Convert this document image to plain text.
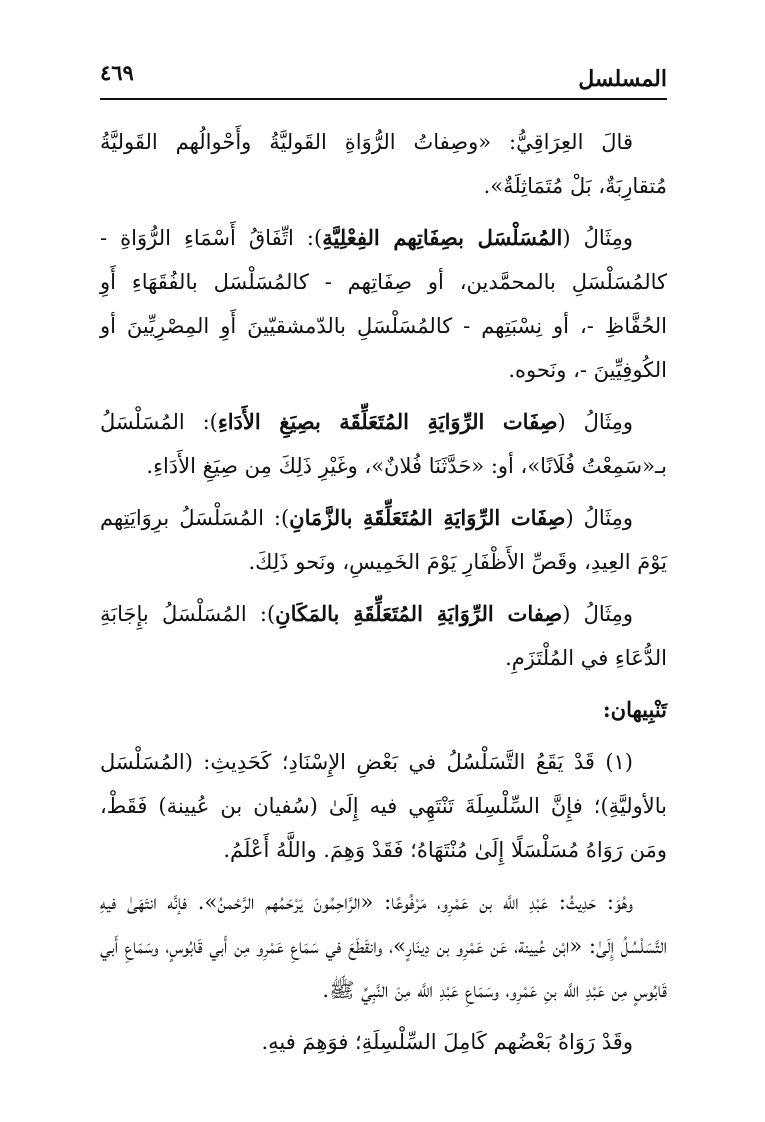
المسلسل
٤٦٩

قالَ العِرَاقِيُّ: «وصِفاتُ الرُّوَاةِ القَوليَّةُ وأَحْوالُهم القَوليَّةُ مُتقارِبَةٌ، بَلْ مُتَمَاثِلَةٌ».

ومِثَالُ (المُسَلْسَل بصِفَاتِهم الفِعْلِيَّةِ): اتِّفَاقُ أَسْمَاءِ الرُّوَاةِ - كالمُسَلْسَلِ بالمحمَّدين، أو صِفَاتِهم - كالمُسَلْسَل بالفُقَهَاءِ أَوِ الحُفَّاظِ -، أو نِسْبَتِهم - كالمُسَلْسَلِ بالدّمشقيّينَ أَوِ المِصْرِيِّينَ أو الكُوفِيِّينَ -، ونَحوه.

ومِثَالُ (صِفَات الرِّوَايَةِ المُتَعَلِّقَة بصِيَغِ الأَدَاءِ): المُسَلْسَلُ بـ«سَمِعْتُ فُلَانًا»، أو: «حَدَّثَنَا فُلانٌ»، وغَيْرِ ذَلِكَ مِن صِيَغِ الأَدَاءِ.

ومِثَالُ (صِفَات الرِّوَايَةِ المُتَعَلِّقَةِ بالزَّمَانِ): المُسَلْسَلُ برِوَايَتِهم يَوْمَ العِيدِ، وقَصِّ الأَظْفَارِ يَوْمَ الخَمِيسِ، ونَحو ذَلِكَ.

ومِثَالُ (صِفات الرِّوَايَةِ المُتَعَلِّقَةِ بالمَكَانِ): المُسَلْسَلُ بإِجَابَةِ الدُّعَاءِ في المُلْتَزَمِ.

تَنْبِيهان:

(١) قَدْ يَقَعُ التَّسَلْسُلُ في بَعْضِ الإِسْنَادِ؛ كَحَدِيثِ: (المُسَلْسَل بالأوليَّةِ)؛ فإِنَّ السِّلْسِلَةَ تَنْتَهِي فيه إِلَىٰ (سُفيان بن عُيينة) فَقَطْ، ومَن رَوَاهُ مُسَلْسَلًا إِلَىٰ مُنْتَهَاهُ؛ فَقَدْ وَهِمَ. واللَّهُ أَعْلَمُ.

وهُوَ: حَدِيثُ: عَبْدِ اللَّه بن عَمْرِو، مَرْفُوعًا: «الرَّاحِمُونَ يَرْحَمُهم الرَّحْمنُ». فإنَّه انتَهَىٰ فيهِ التَّسَلْسُلُ إِلَىٰ: «ابْن عُيينة، عَن عَمْرِو بن دِينَارٍ»، وانقَطَعَ في سَمَاعِ عَمْرِو مِن أَبي قَابُوسٍ، وسَمَاعِ أَبي قَابُوسٍ مِن عَبْدِ اللَّه بنِ عَمْرِو، وسَمَاعِ عَبْدِ اللَّه مِنَ النَّبِيِّ ﷺ.

وقَدْ رَوَاهُ بَعْضُهم كَامِلَ السِّلْسِلَةِ؛ فوَهِمَ فيهِ.
